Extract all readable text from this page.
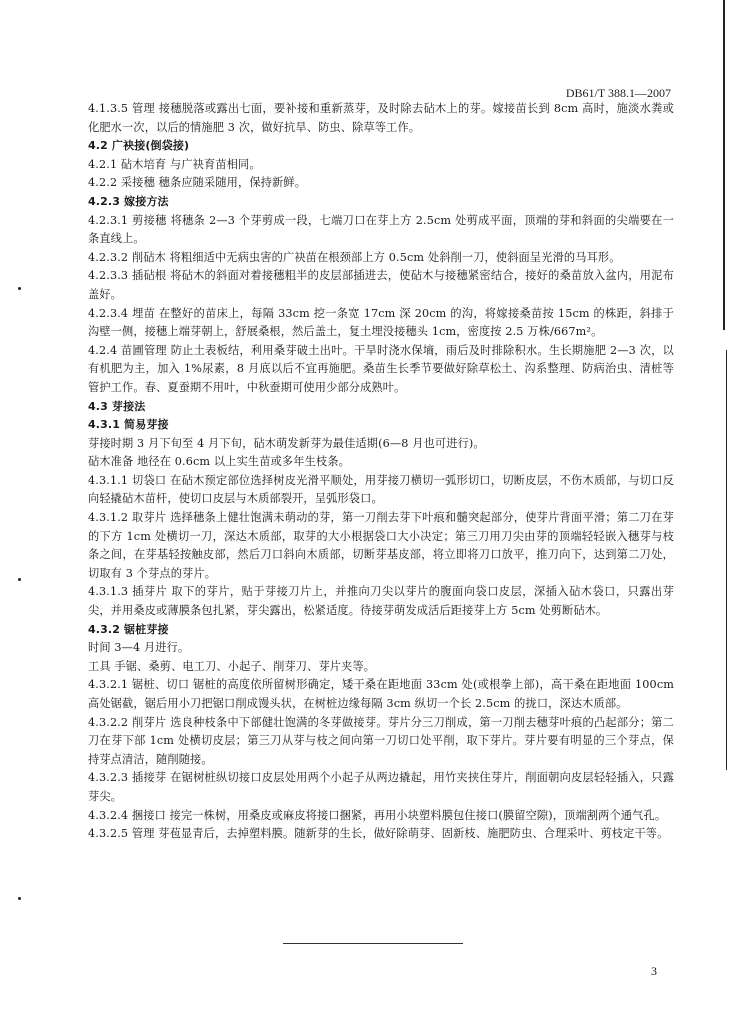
DB61/T 388.1—2007

4.1.3.5 管理 接穗脱落或露出七面，要补接和重新蒸芽，及时除去砧木上的芽。嫁接苗长到 8cm 高时，施淡水粪或化肥水一次，以后的情施肥 3 次，做好抗旱、防虫、除草等工作。

4.2 广袂接(倒袋接)

4.2.1 砧木培育 与广袂育苗相同。

4.2.2 采接穗 穗条应随采随用，保持新鲜。

4.2.3 嫁接方法

4.2.3.1 剪接穗 将穗条 2—3 个芽剪成一段，七端刀口在芽上方 2.5cm 处剪成平面，顶端的芽和斜面的尖端要在一条直线上。

4.2.3.2 削砧木 将粗细适中无病虫害的广袂苗在根颈部上方 0.5cm 处斜削一刀，使斜面呈光滑的马耳形。

4.2.3.3 插砧根 将砧木的斜面对着接穗粗半的皮层部插进去，使砧木与接穗紧密结合，接好的桑苗放入盆内，用泥布盖好。

4.2.3.4 埋苗 在整好的苗床上，每隔 33cm 挖一条宽 17cm 深 20cm 的沟，将嫁接桑苗按 15cm 的株距，斜排于沟壁一侧，接穗上端芽朝上，舒展桑根，然后盖土，复土埋没接穗头 1cm，密度按 2.5 万株/667m²。

4.2.4 苗圃管理 防止土表板结，利用桑芽破土出叶。干旱时浇水保墒，雨后及时排除积水。生长期施肥 2—3 次，以有机肥为主，加入 1%尿素，8 月底以后不宜再施肥。桑苗生长季节要做好除草松土、沟系整理、防病治虫、清桩等管护工作。春、夏蚕期不用叶，中秋蚕期可使用少部分成熟叶。

4.3 芽接法

4.3.1 简易芽接

芽接时期 3 月下旬至 4 月下旬，砧木萌发新芽为最佳适期(6—8 月也可进行)。

砧木准备 地径在 0.6cm 以上实生苗或多年生枝条。

4.3.1.1 切袋口 在砧木预定部位选择树皮光滑平顺处，用芽接刀横切一弧形切口，切断皮层，不伤木质部，与切口反向轻撬砧木苗杆，使切口皮层与木质部裂开，呈弧形袋口。

4.3.1.2 取芽片 选择穗条上健壮饱满未萌动的芽，第一刀削去芽下叶痕和髓突起部分，使芽片背面平滑；第二刀在芽的下方 1cm 处横切一刀，深达木质部，取芽的大小根据袋口大小决定；第三刀用刀尖由芽的顶端轻轻嵌入穗芽与枝条之间，在芽基轻按触皮部，然后刀口斜向木质部，切断芽基皮部，将立即将刀口放平，推刀向下，达到第二刀处，切取有 3 个芽点的芽片。

4.3.1.3 插芽片 取下的芽片，贴于芽接刀片上，并推向刀尖以芽片的腹面向袋口皮层，深插入砧木袋口，只露出芽尖，并用桑皮或薄膜条包扎紧，芽尖露出，松紧适度。待接芽萌发成活后距接芽上方 5cm 处剪断砧木。

4.3.2 锯桩芽接

时间 3—4 月进行。

工具 手锯、桑剪、电工刀、小起子、削芽刀、芽片夹等。

4.3.2.1 锯桩、切口 锯桩的高度依所留树形确定，矮干桑在距地面 33cm 处(或根拳上部)，高干桑在距地面 100cm 高处锯截，锯后用小刀把锯口削成馒头状，在树桩边缘每隔 3cm 纵切一个长 2.5cm 的拢口，深达木质部。

4.3.2.2 削芽片 选良种枝条中下部健壮饱满的冬芽做接芽。芽片分三刀削成，第一刀削去穗芽叶痕的凸起部分；第二刀在芽下部 1cm 处横切皮层；第三刀从芽与枝之间向第一刀切口处平削，取下芽片。芽片要有明显的三个芽点，保持芽点清洁，随削随接。

4.3.2.3 插接芽 在锯树桩纵切接口皮层处用两个小起子从两边撬起，用竹夹挟住芽片，削面朝向皮层轻轻插入，只露芽尖。

4.3.2.4 捆接口 接完一株树，用桑皮或麻皮将接口捆紧，再用小块塑料膜包住接口(膜留空隙)，顶端割两个通气孔。

4.3.2.5 管理 芽苞显青后，去掉塑料膜。随新芽的生长，做好除萌芽、固新枝、施肥防虫、合理采叶、剪枝定干等。

3
